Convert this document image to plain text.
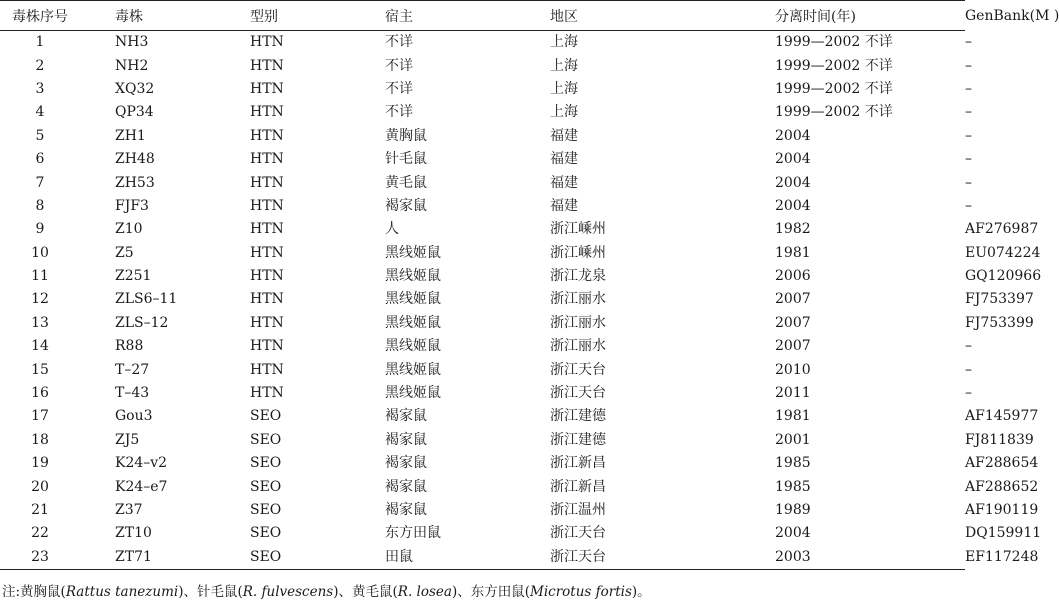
毒株序号	毒株	型别	宿主	地区	分离时间(年)	GenBank(M )
1	NH3	HTN	不详	上海	1999—2002 不详	–
2	NH2	HTN	不详	上海	1999—2002 不详	–
3	XQ32	HTN	不详	上海	1999—2002 不详	–
4	QP34	HTN	不详	上海	1999—2002 不详	–
5	ZH1	HTN	黄胸鼠	福建	2004	–
6	ZH48	HTN	针毛鼠	福建	2004	–
7	ZH53	HTN	黄毛鼠	福建	2004	–
8	FJF3	HTN	褐家鼠	福建	2004	–
9	Z10	HTN	人	浙江嵊州	1982	AF276987
10	Z5	HTN	黑线姬鼠	浙江嵊州	1981	EU074224
11	Z251	HTN	黑线姬鼠	浙江龙泉	2006	GQ120966
12	ZLS6–11	HTN	黑线姬鼠	浙江丽水	2007	FJ753397
13	ZLS–12	HTN	黑线姬鼠	浙江丽水	2007	FJ753399
14	R88	HTN	黑线姬鼠	浙江丽水	2007	–
15	T–27	HTN	黑线姬鼠	浙江天台	2010	–
16	T–43	HTN	黑线姬鼠	浙江天台	2011	–
17	Gou3	SEO	褐家鼠	浙江建德	1981	AF145977
18	ZJ5	SEO	褐家鼠	浙江建德	2001	FJ811839
19	K24–v2	SEO	褐家鼠	浙江新昌	1985	AF288654
20	K24–e7	SEO	褐家鼠	浙江新昌	1985	AF288652
21	Z37	SEO	褐家鼠	浙江温州	1989	AF190119
22	ZT10	SEO	东方田鼠	浙江天台	2004	DQ159911
23	ZT71	SEO	田鼠	浙江天台	2003	EF117248
注:黄胸鼠(Rattus tanezumi)、针毛鼠(R. fulvescens)、黄毛鼠(R. losea)、东方田鼠(Microtus fortis)。
